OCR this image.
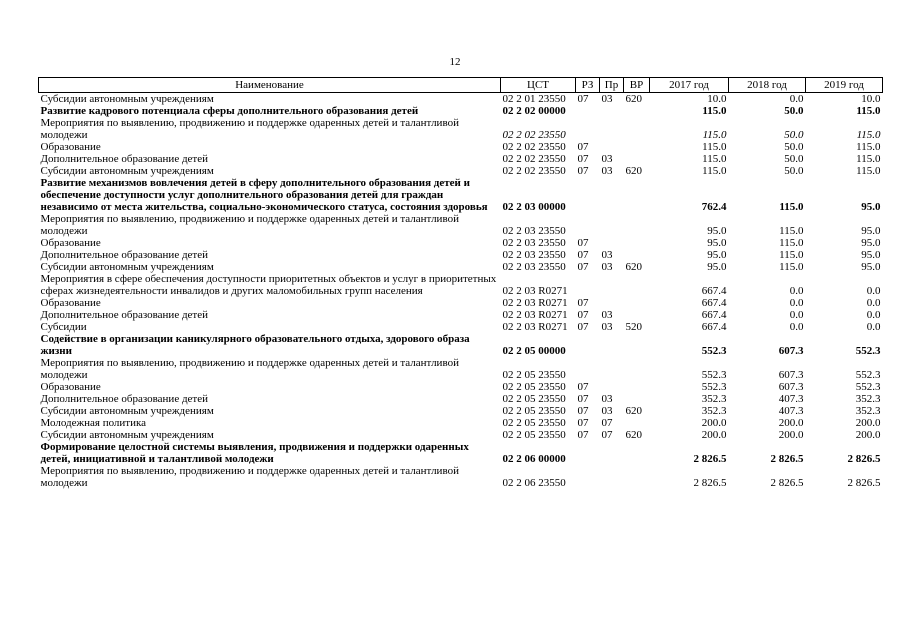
12
Наименование	ЦСТ	РЗ	Пр	ВР	2017 год	2018 год	2019 год
Субсидии автономным учреждениям	02 2 01 23550	07	03	620	10.0	0.0	10.0
Развитие кадрового потенциала сферы дополнительного образования детей	02 2 02 00000				115.0	50.0	115.0
Мероприятия по выявлению, продвижению и поддержке одаренных детей и талантливой молодежи	02 2 02 23550				115.0	50.0	115.0
Образование	02 2 02 23550	07			115.0	50.0	115.0
Дополнительное образование детей	02 2 02 23550	07	03		115.0	50.0	115.0
Субсидии автономным учреждениям	02 2 02 23550	07	03	620	115.0	50.0	115.0
Развитие механизмов вовлечения детей в сферу дополнительного образования детей и обеспечение доступности услуг дополнительного образования детей для граждан независимо от места жительства, социально-экономического статуса, состояния здоровья	02 2 03 00000				762.4	115.0	95.0
Мероприятия по выявлению, продвижению и поддержке одаренных детей и талантливой молодежи	02 2 03 23550				95.0	115.0	95.0
Образование	02 2 03 23550	07			95.0	115.0	95.0
Дополнительное образование детей	02 2 03 23550	07	03		95.0	115.0	95.0
Субсидии автономным учреждениям	02 2 03 23550	07	03	620	95.0	115.0	95.0
Мероприятия в сфере обеспечения доступности приоритетных объектов и услуг в приоритетных сферах жизнедеятельности инвалидов и других маломобильных групп населения	02 2 03 R0271				667.4	0.0	0.0
Образование	02 2 03 R0271	07			667.4	0.0	0.0
Дополнительное образование детей	02 2 03 R0271	07	03		667.4	0.0	0.0
Субсидии	02 2 03 R0271	07	03	520	667.4	0.0	0.0
Содействие в организации каникулярного образовательного отдыха, здорового образа жизни	02 2 05 00000				552.3	607.3	552.3
Мероприятия по выявлению, продвижению и поддержке одаренных детей и талантливой молодежи	02 2 05 23550				552.3	607.3	552.3
Образование	02 2 05 23550	07			552.3	607.3	552.3
Дополнительное образование детей	02 2 05 23550	07	03		352.3	407.3	352.3
Субсидии автономным учреждениям	02 2 05 23550	07	03	620	352.3	407.3	352.3
Молодежная политика	02 2 05 23550	07	07		200.0	200.0	200.0
Субсидии автономным учреждениям	02 2 05 23550	07	07	620	200.0	200.0	200.0
Формирование целостной системы выявления, продвижения и поддержки одаренных детей, инициативной и талантливой молодежи	02 2 06 00000				2 826.5	2 826.5	2 826.5
Мероприятия по выявлению, продвижению и поддержке одаренных детей и талантливой молодежи	02 2 06 23550				2 826.5	2 826.5	2 826.5
